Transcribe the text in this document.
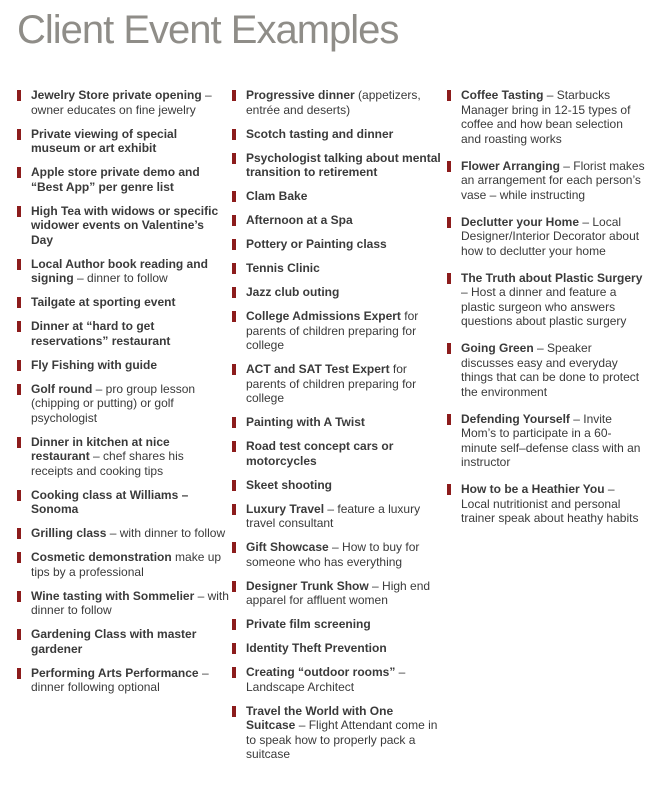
Client Event Examples
Jewelry Store private opening – owner educates on fine jewelry
Private viewing of special museum or art exhibit
Apple store private demo and “Best App” per genre list
High Tea with widows or specific widower events on Valentine’s Day
Local Author book reading and signing – dinner to follow
Tailgate at sporting event
Dinner at “hard to get reservations” restaurant
Fly Fishing with guide
Golf round – pro group lesson (chipping or putting) or golf psychologist
Dinner in kitchen at nice restaurant – chef shares his receipts and cooking tips
Cooking class at Williams – Sonoma
Grilling class – with dinner to follow
Cosmetic demonstration make up tips by a professional
Wine tasting with Sommelier – with dinner to follow
Gardening Class with master gardener
Performing Arts Performance – dinner following optional
Progressive dinner (appetizers, entrée and deserts)
Scotch tasting and dinner
Psychologist talking about mental transition to retirement
Clam Bake
Afternoon at a Spa
Pottery or Painting class
Tennis Clinic
Jazz club outing
College Admissions Expert for parents of children preparing for college
ACT and SAT Test Expert for parents of children preparing for college
Painting with A Twist
Road test concept cars or motorcycles
Skeet shooting
Luxury Travel – feature a luxury travel consultant
Gift Showcase – How to buy for someone who has everything
Designer Trunk Show – High end apparel for affluent women
Private film screening
Identity Theft Prevention
Creating “outdoor rooms” – Landscape Architect
Travel the World with One Suitcase – Flight Attendant come in to speak how to properly pack a suitcase
Coffee Tasting – Starbucks Manager bring in 12-15 types of coffee and how bean selection and roasting works
Flower Arranging – Florist makes an arrangement for each person’s vase – while instructing
Declutter your Home – Local Designer/Interior Decorator about how to declutter your home
The Truth about Plastic Surgery – Host a dinner and feature a plastic surgeon who answers questions about plastic surgery
Going Green – Speaker discusses easy and everyday things that can be done to protect the environment
Defending Yourself – Invite Mom’s to participate in a 60-minute self–defense class with an instructor
How to be a Heathier You – Local nutritionist and personal trainer speak about heathy habits
